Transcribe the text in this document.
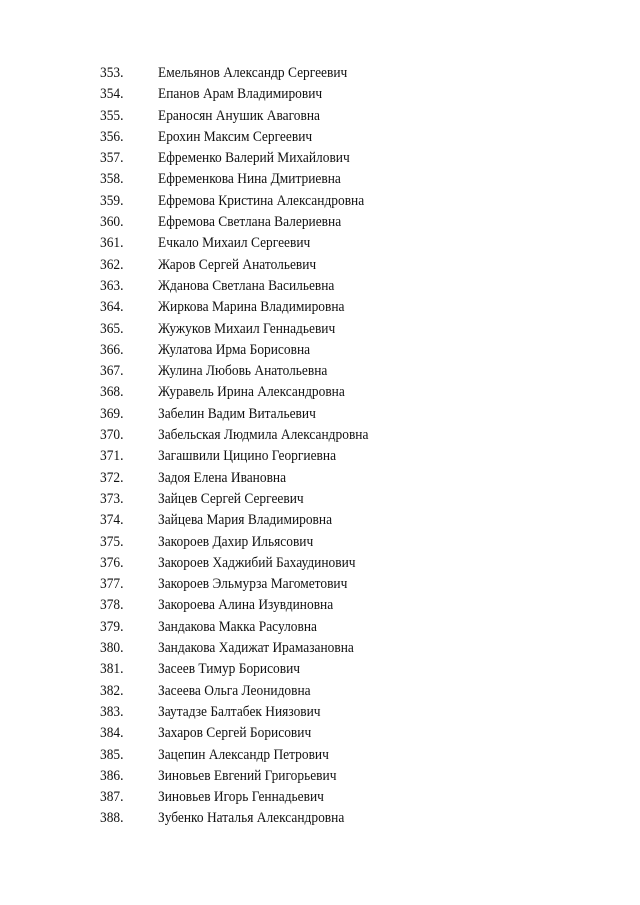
353.	Емельянов Александр Сергеевич
354.	Епанов Арам Владимирович
355.	Ераносян Анушик Аваговна
356.	Ерохин Максим Сергеевич
357.	Ефременко Валерий Михайлович
358.	Ефременкова Нина Дмитриевна
359.	Ефремова Кристина Александровна
360.	Ефремова Светлана Валериевна
361.	Ечкало Михаил Сергеевич
362.	Жаров Сергей Анатольевич
363.	Жданова Светлана Васильевна
364.	Жиркова Марина Владимировна
365.	Жужуков Михаил Геннадьевич
366.	Жулатова Ирма Борисовна
367.	Жулина Любовь Анатольевна
368.	Журавель Ирина Александровна
369.	Забелин Вадим Витальевич
370.	Забельская Людмила Александровна
371.	Загашвили Цицино Георгиевна
372.	Задоя Елена Ивановна
373.	Зайцев Сергей Сергеевич
374.	Зайцева Мария Владимировна
375.	Закороев Дахир Ильясович
376.	Закороев Хаджибий Бахаудинович
377.	Закороев Эльмурза Магометович
378.	Закороева Алина Изувдиновна
379.	Зандакова Макка Расуловна
380.	Зандакова Хадижат Ирамазановна
381.	Засеев Тимур Борисович
382.	Засеева Ольга Леонидовна
383.	Заутадзе Балтабек Ниязович
384.	Захаров Сергей Борисович
385.	Зацепин Александр Петрович
386.	Зиновьев Евгений Григорьевич
387.	Зиновьев Игорь Геннадьевич
388.	Зубенко Наталья Александровна
